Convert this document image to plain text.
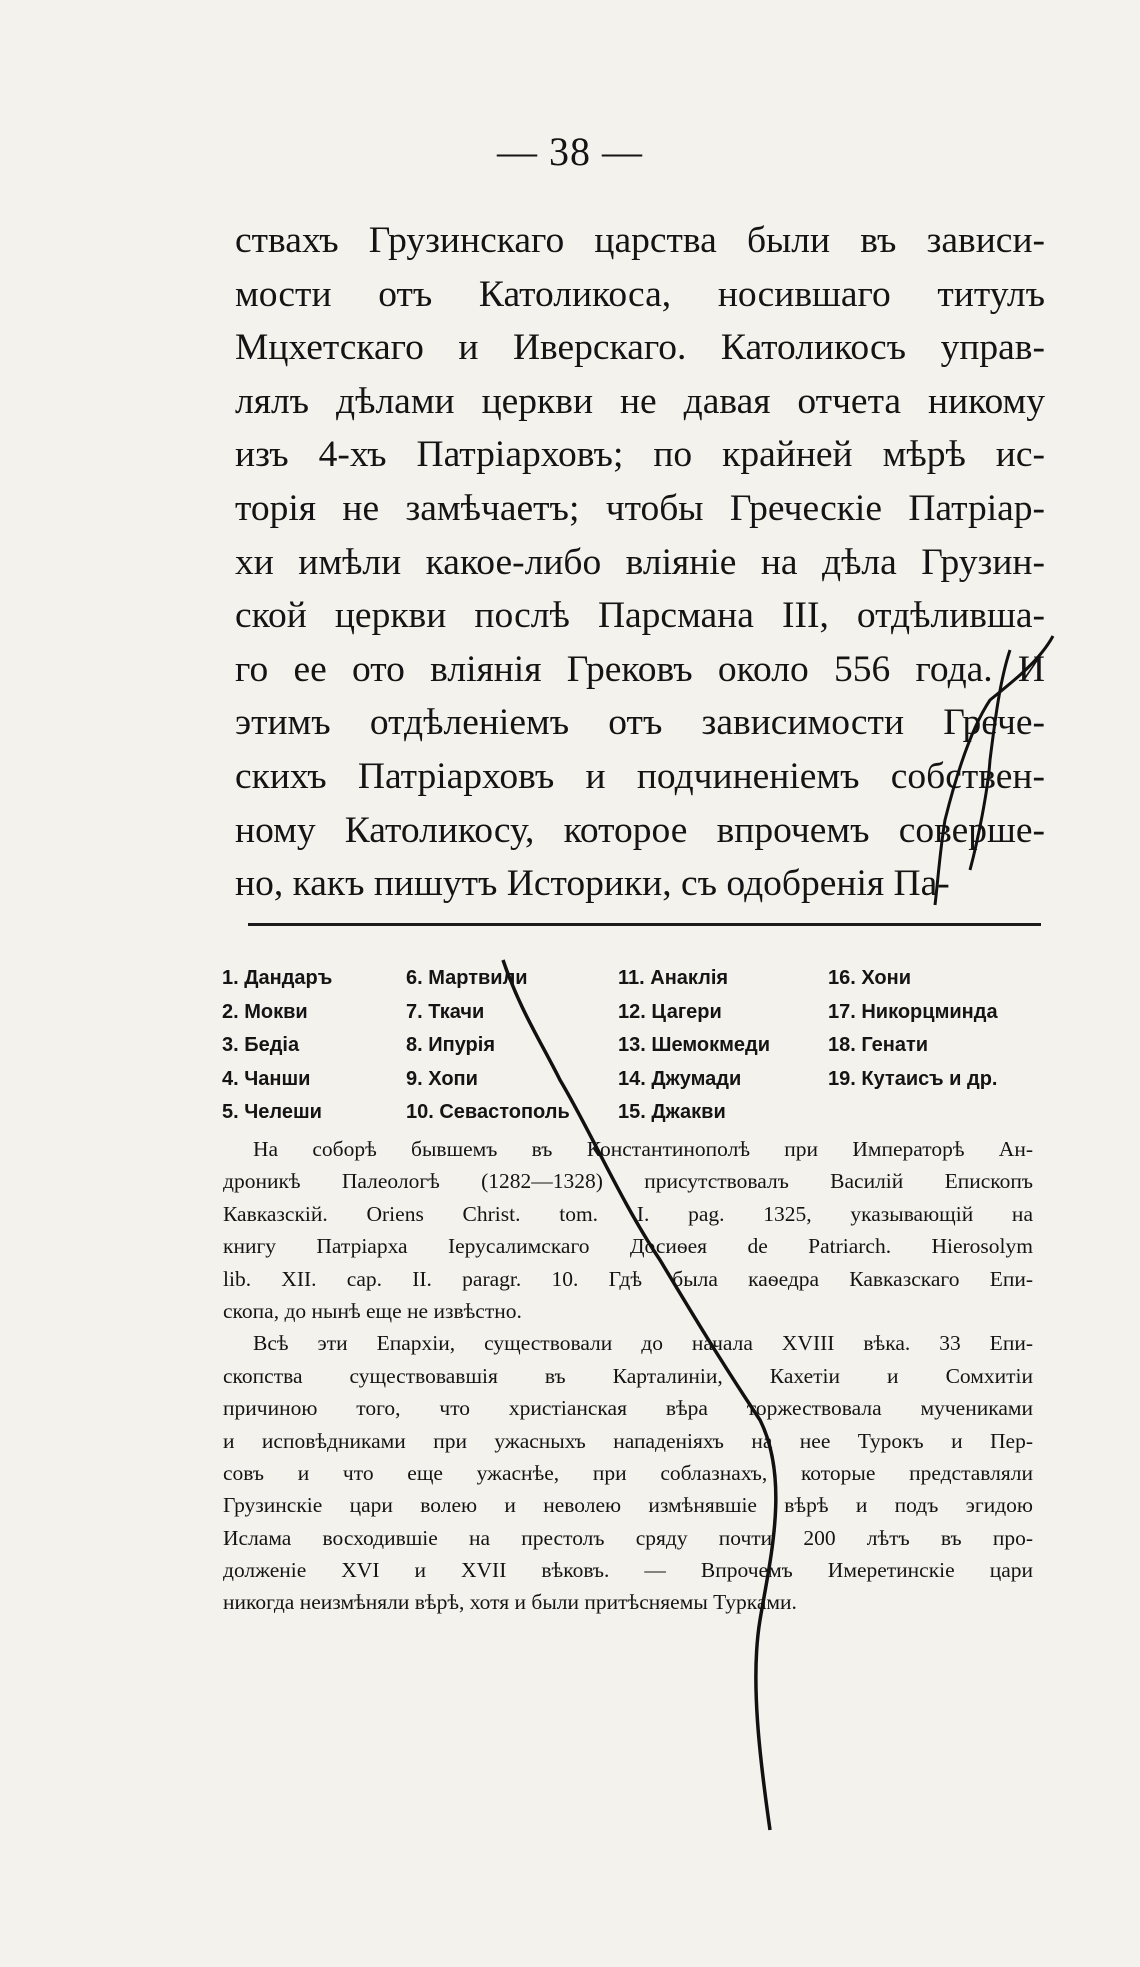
— 38 —
ствахъ Грузинскаго царства были въ зависи-
мости отъ Католикоса, носившаго титулъ
Мцхетскаго и Иверскаго. Католикосъ управ-
лялъ дѣлами церкви не давая отчета никому
изъ 4-хъ Патріарховъ; по крайней мѣрѣ ис-
торія не замѣчаетъ; чтобы Греческіе Патріар-
хи имѣли какое-либо вліяніе на дѣла Грузин-
ской церкви послѣ Парсмана III, отдѣлившa-
го ее ото вліянія Грековъ около 556 года. И
этимъ отдѣленіемъ отъ зависимости Грече-
скихъ Патріарховъ и подчиненіемъ собствен-
ному Католикосу, которое впрочемъ совершe-
но, какъ пишутъ Историки, съ одобренія Па-
1. Дандаръ	6. Мартвили	11. Анаклія	16. Хони
2. Мокви	7. Ткачи	12. Цагери	17. Никорцминда
3. Бедіа	8. Ипурія	13. Шемокмеди	18. Генати
4. Чанши	9. Хопи	14. Джумади	19. Кутаисъ и др.
5. Челеши	10. Севастополь 15. Джакви
На соборѣ бывшемъ въ Константинополѣ при Императорѣ Ан-
дроникѣ Палеологѣ (1282—1328) присутствовалъ Василій Епископъ
Кавказскій. Oriens Christ. tom. I. pag. 1325, указывающій на
книгу Патріарха Іерусалимскаго Досиѳея de Patriarch. Hierosolym
lib. XII. cap. II. paragr. 10. Гдѣ была каѳедра Кавказскаго Епи-
скопа, до нынѣ еще не извѣстно.
Всѣ эти Епархіи, существовали до начала XVIII вѣка. 33 Епи-
скопства существовавшія въ Карталиніи, Кахетіи и Сомхитіи
причиною того, что христіанская вѣра торжествовала мучениками
и исповѣдниками при ужасныхъ нападеніяхъ на нее Турокъ и Пер-
совъ и что еще ужаснѣе, при соблазнахъ, которые представляли
Грузинскіе цари волею и неволею измѣнявшіе вѣрѣ и подъ эгидою
Ислама восходившіе на престолъ сряду почти 200 лѣтъ въ про-
долженіе XVI и XVII вѣковъ. — Впрочемъ Имеретинскіе цари
никогда неизмѣняли вѣрѣ, хотя и были притѣсняемы Турками.
